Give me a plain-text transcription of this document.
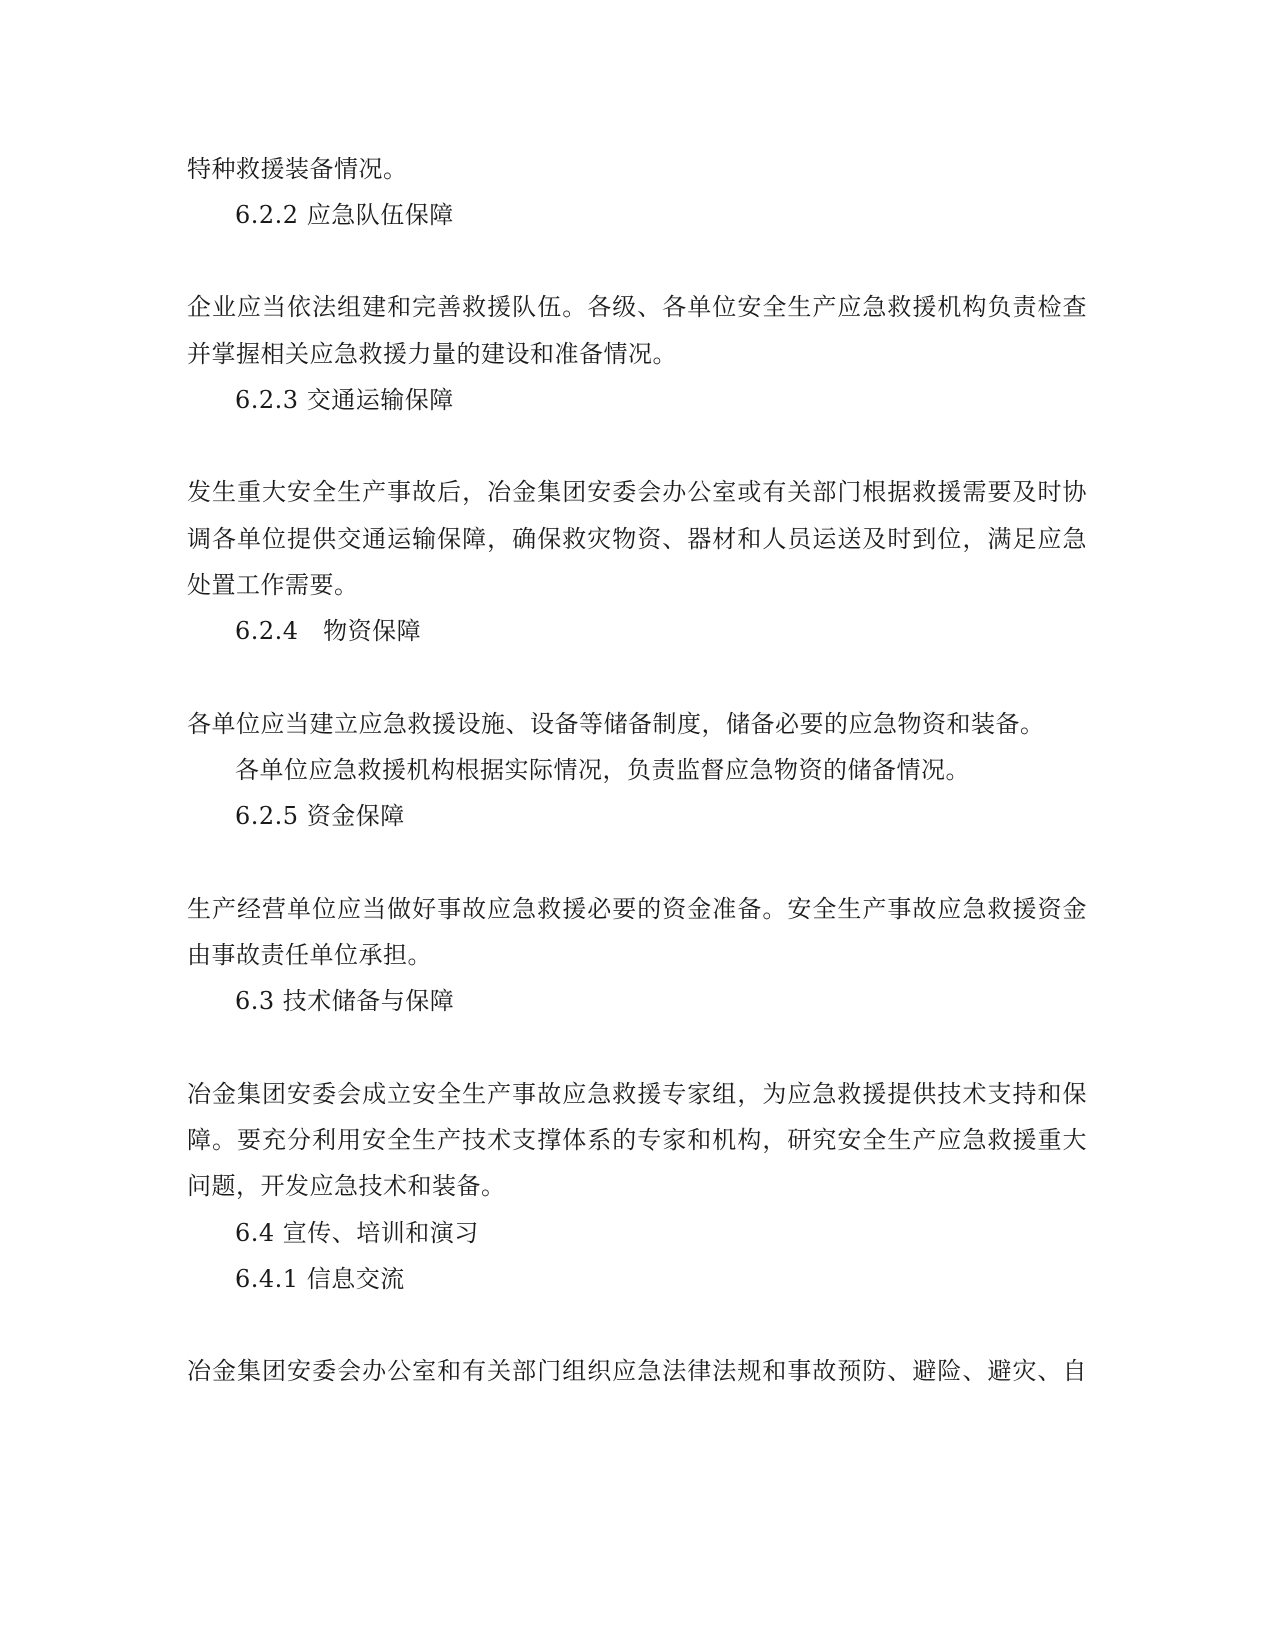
特种救援装备情况。
6.2.2 应急队伍保障
企业应当依法组建和完善救援队伍。各级、各单位安全生产应急救援机构负责检查
并掌握相关应急救援力量的建设和准备情况。
6.2.3 交通运输保障
发生重大安全生产事故后，冶金集团安委会办公室或有关部门根据救援需要及时协
调各单位提供交通运输保障，确保救灾物资、器材和人员运送及时到位，满足应急
处置工作需要。
6.2.4　物资保障
各单位应当建立应急救援设施、设备等储备制度，储备必要的应急物资和装备。
各单位应急救援机构根据实际情况，负责监督应急物资的储备情况。
6.2.5 资金保障
生产经营单位应当做好事故应急救援必要的资金准备。安全生产事故应急救援资金
由事故责任单位承担。
6.3 技术储备与保障
冶金集团安委会成立安全生产事故应急救援专家组，为应急救援提供技术支持和保
障。要充分利用安全生产技术支撑体系的专家和机构，研究安全生产应急救援重大
问题，开发应急技术和装备。
6.4 宣传、培训和演习
6.4.1 信息交流
冶金集团安委会办公室和有关部门组织应急法律法规和事故预防、避险、避灾、自
